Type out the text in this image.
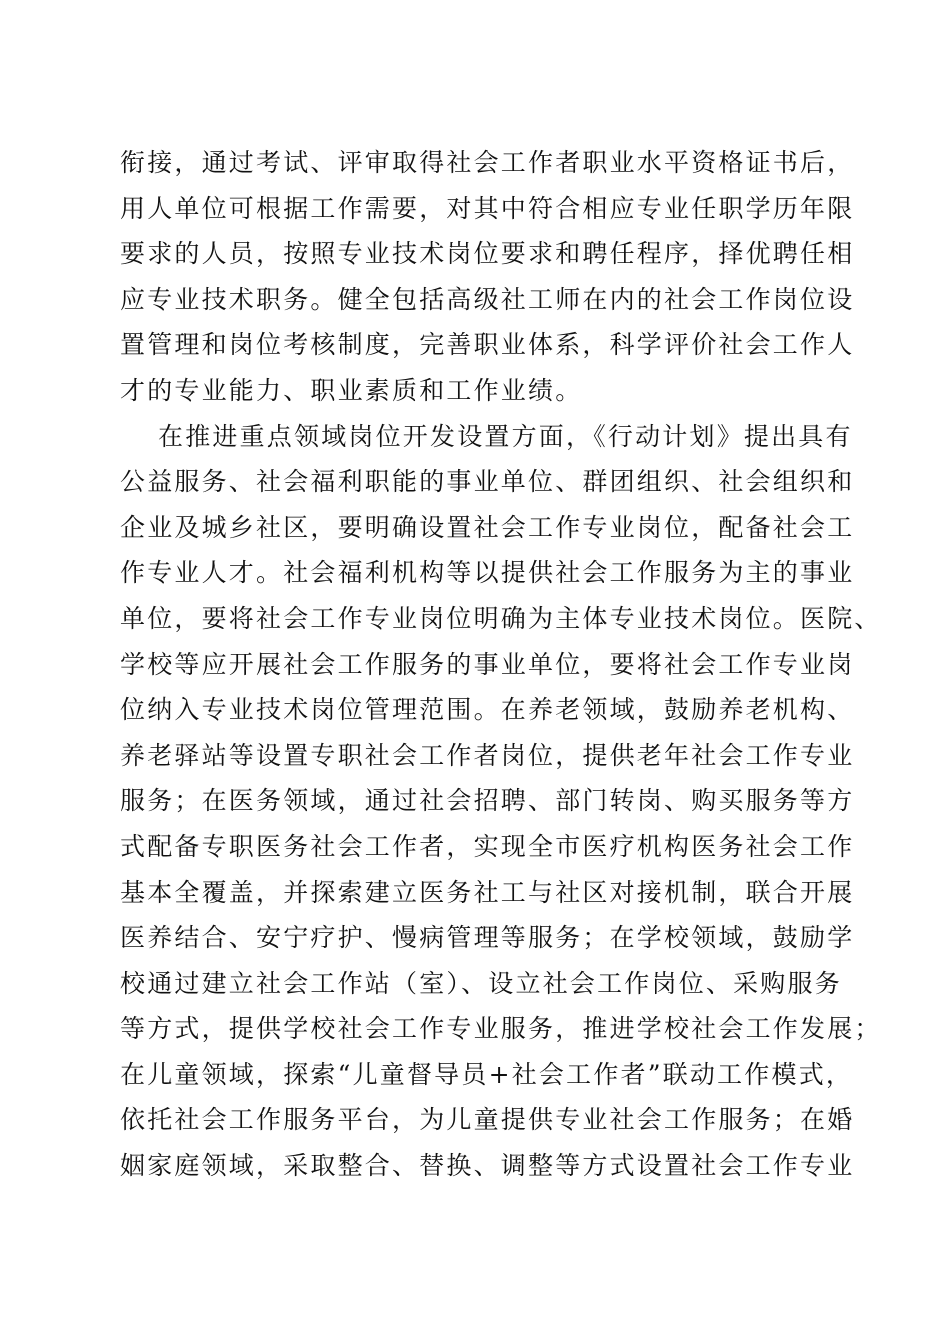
衔接，通过考试、评审取得社会工作者职业水平资格证书后，
用人单位可根据工作需要，对其中符合相应专业任职学历年限
要求的人员，按照专业技术岗位要求和聘任程序，择优聘任相
应专业技术职务。健全包括高级社工师在内的社会工作岗位设
置管理和岗位考核制度，完善职业体系，科学评价社会工作人
才的专业能力、职业素质和工作业绩。
在推进重点领域岗位开发设置方面，《行动计划》提出具有
公益服务、社会福利职能的事业单位、群团组织、社会组织和
企业及城乡社区，要明确设置社会工作专业岗位，配备社会工
作专业人才。社会福利机构等以提供社会工作服务为主的事业
单位，要将社会工作专业岗位明确为主体专业技术岗位。医院、
学校等应开展社会工作服务的事业单位，要将社会工作专业岗
位纳入专业技术岗位管理范围。在养老领域，鼓励养老机构、
养老驿站等设置专职社会工作者岗位，提供老年社会工作专业
服务；在医务领域，通过社会招聘、部门转岗、购买服务等方
式配备专职医务社会工作者，实现全市医疗机构医务社会工作
基本全覆盖，并探索建立医务社工与社区对接机制，联合开展
医养结合、安宁疗护、慢病管理等服务；在学校领域，鼓励学
校通过建立社会工作站（室）、设立社会工作岗位、采购服务
等方式，提供学校社会工作专业服务，推进学校社会工作发展；
在儿童领域，探索“儿童督导员+社会工作者”联动工作模式，
依托社会工作服务平台，为儿童提供专业社会工作服务；在婚
姻家庭领域，采取整合、替换、调整等方式设置社会工作专业
